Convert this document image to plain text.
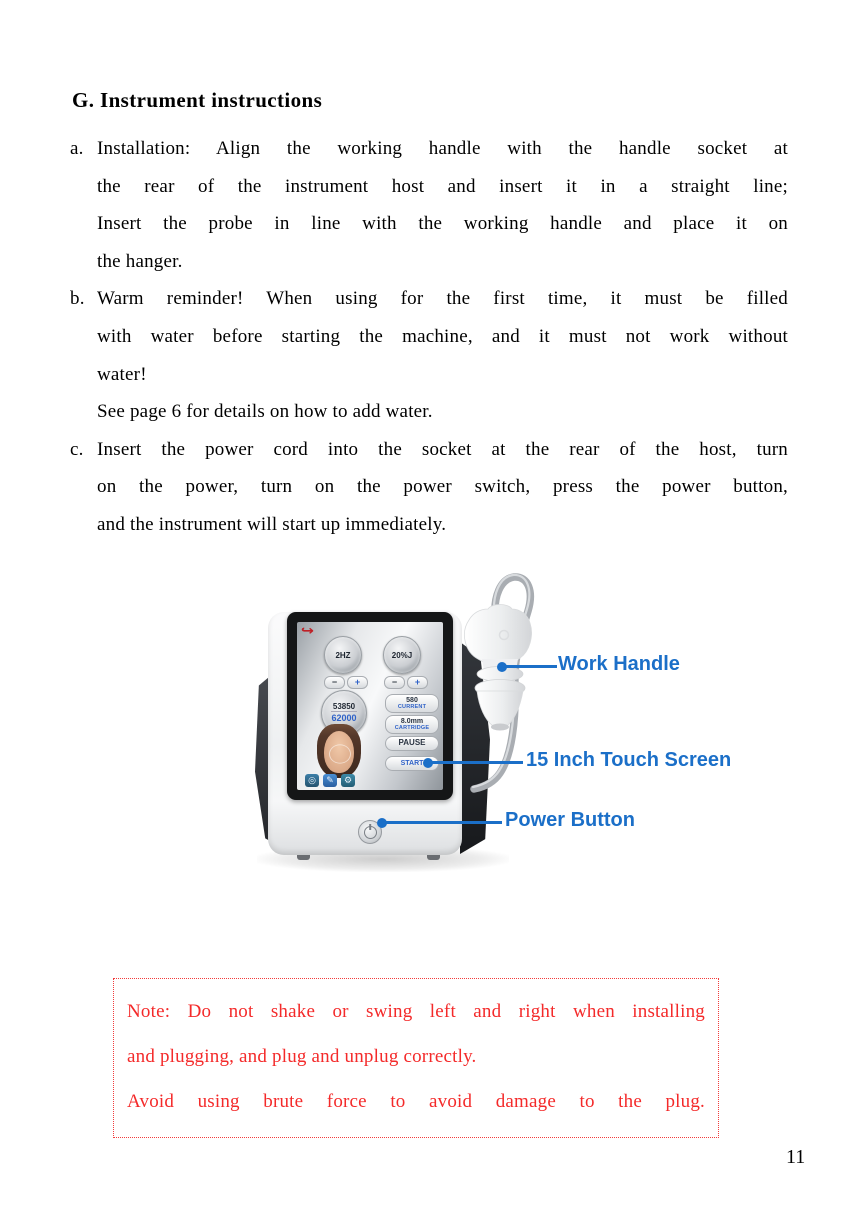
G. Instrument instructions
a. Installation: Align the working handle with the handle socket at
the rear of the instrument host and insert it in a straight line;
Insert the probe in line with the working handle and place it on
the hanger.
b. Warm reminder! When using for the first time, it must be filled
with water before starting the machine, and it must not work without
water!
See page 6 for details on how to add water.
c. Insert the power cord into the socket at the rear of the host, turn
on the power, turn on the power switch, press the power button,
and the instrument will start up immediately.
↪
2HZ	20%J
−	+	−	+
53850
62000
580
CURRENT
8.0mm
CARTRIDGE
PAUSE
START
◎	✎	⚙
Work Handle
15 Inch Touch Screen
Power Button
Note: Do not shake or swing left and right when installing
and plugging, and plug and unplug correctly.
Avoid using brute force to avoid damage to the plug.
11
